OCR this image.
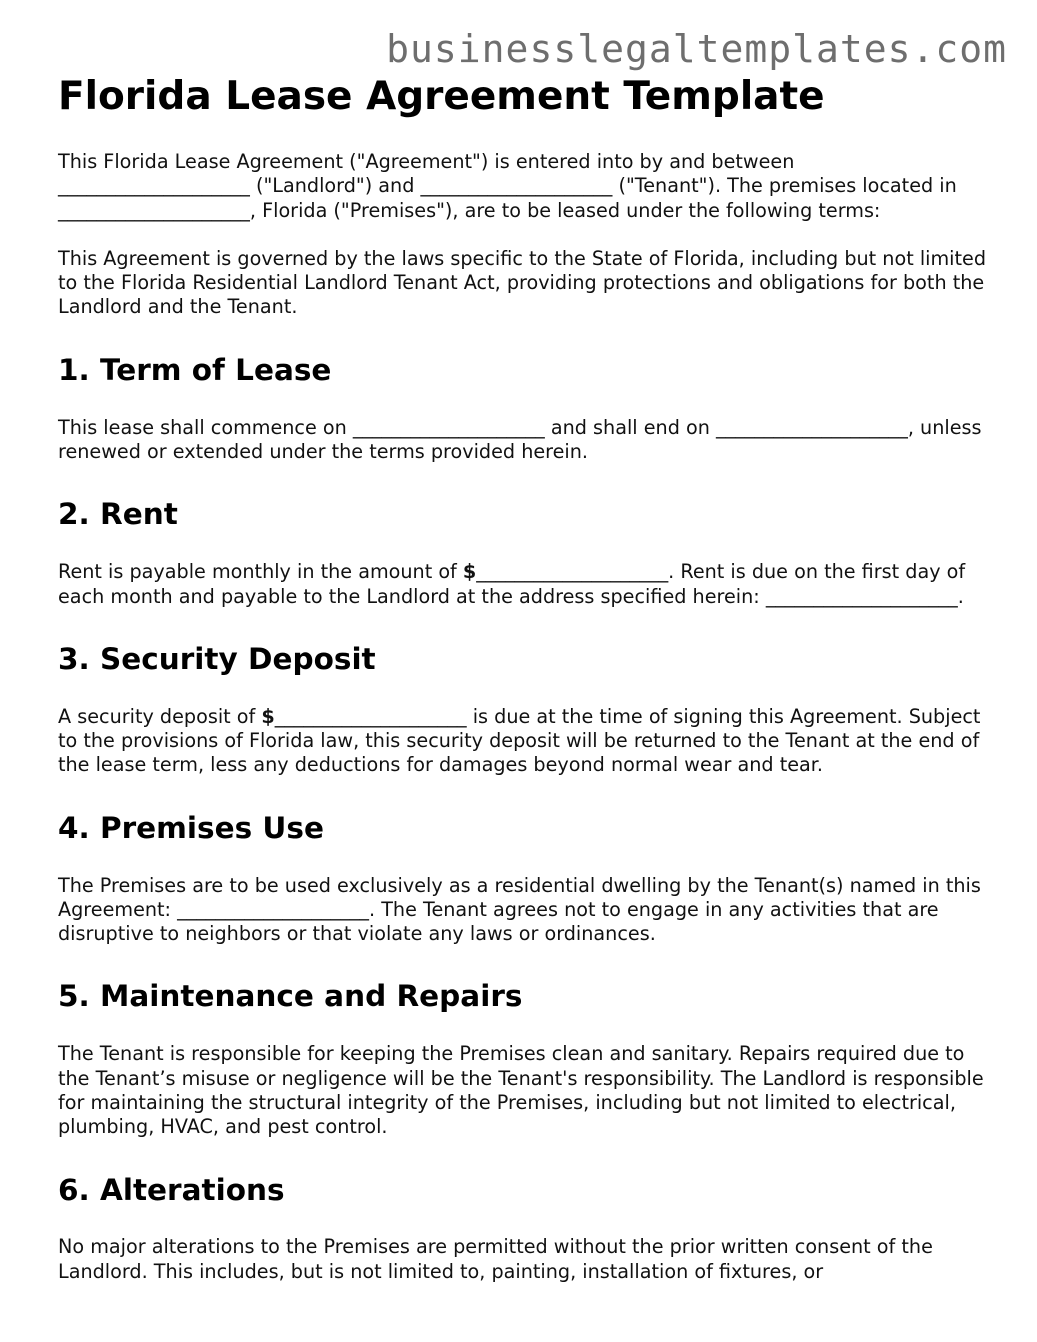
businesslegaltemplates.com
Florida Lease Agreement Template

This Florida Lease Agreement ("Agreement") is entered into by and between ____________________ ("Landlord") and ____________________ ("Tenant"). The premises located in ____________________, Florida ("Premises"), are to be leased under the following terms:

This Agreement is governed by the laws specific to the State of Florida, including but not limited to the Florida Residential Landlord Tenant Act, providing protections and obligations for both the Landlord and the Tenant.

1. Term of Lease

This lease shall commence on ____________________ and shall end on ____________________, unless renewed or extended under the terms provided herein.

2. Rent

Rent is payable monthly in the amount of $____________________. Rent is due on the first day of each month and payable to the Landlord at the address specified herein: ____________________.

3. Security Deposit

A security deposit of $____________________ is due at the time of signing this Agreement. Subject to the provisions of Florida law, this security deposit will be returned to the Tenant at the end of the lease term, less any deductions for damages beyond normal wear and tear.

4. Premises Use

The Premises are to be used exclusively as a residential dwelling by the Tenant(s) named in this Agreement: ____________________. The Tenant agrees not to engage in any activities that are disruptive to neighbors or that violate any laws or ordinances.

5. Maintenance and Repairs

The Tenant is responsible for keeping the Premises clean and sanitary. Repairs required due to the Tenant’s misuse or negligence will be the Tenant's responsibility. The Landlord is responsible for maintaining the structural integrity of the Premises, including but not limited to electrical, plumbing, HVAC, and pest control.

6. Alterations

No major alterations to the Premises are permitted without the prior written consent of the Landlord. This includes, but is not limited to, painting, installation of fixtures, or
